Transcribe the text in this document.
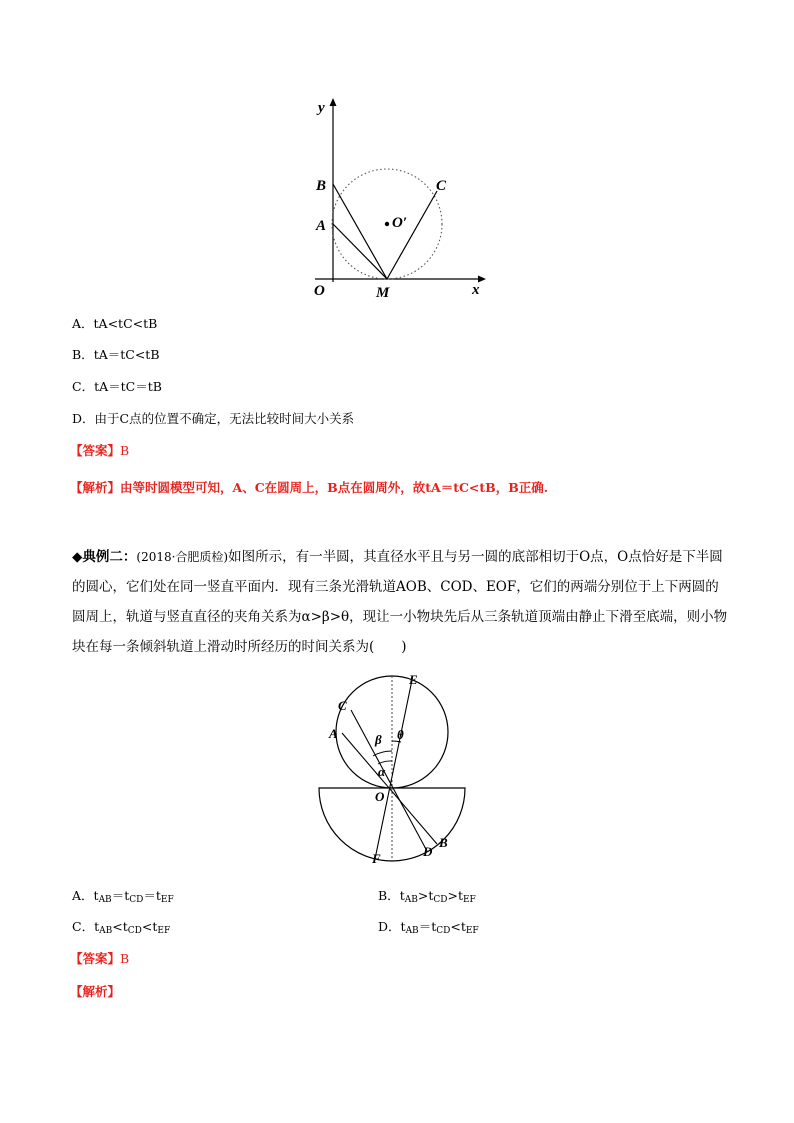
y
x
O	M
A
B	C
O′
A．tA<tC<tB
B．tA＝tC<tB
C．tA＝tC＝tB
D．由于C点的位置不确定，无法比较时间大小关系
【答案】B
【解析】由等时圆模型可知，A、C在圆周上，B点在圆周外，故tA＝tC<tB，B正确.
◆典例二：(2018·合肥质检)如图所示，有一半圆，其直径水平且与另一圆的底部相切于O点，O点恰好是下半圆的圆心，它们处在同一竖直平面内．现有三条光滑轨道AOB、COD、EOF，它们的两端分别位于上下两圆的圆周上，轨道与竖直直径的夹角关系为α>β>θ，现让一小物块先后从三条轨道顶端由静止下滑至底端，则小物块在每一条倾斜轨道上滑动时所经历的时间关系为(　　)
E
C
A	β θ
α
O
F	D
B
A．$t_{AB}=t_{CD}=t_{EF}$	B．$t_{AB}>t_{CD}>t_{EF}$
C．$t_{AB}<t_{CD}<t_{EF}$	D．$t_{AB}=t_{CD}<t_{EF}$
【答案】B
【解析】
